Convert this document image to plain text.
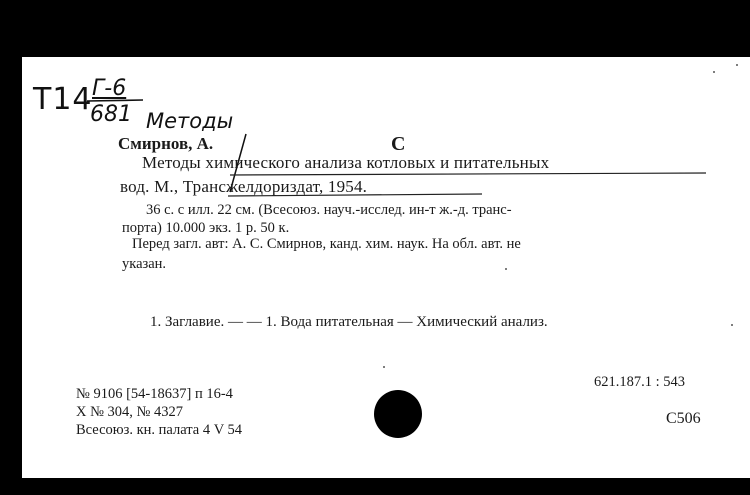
T14 Г-6
681 Методы
Смирнов, А.	С
Методы химического анализа котловых и питательных
вод. М., Трансжелдориздат, 1954.
36 с. с илл. 22 см. (Всесоюз. науч.-исслед. ин-т ж.-д. транс-
порта) 10.000 экз. 1 р. 50 к.
Перед загл. авт: А. С. Смирнов, канд. хим. наук. На обл. авт. не
указан.
1. Заглавие. — — 1. Вода питательная — Химический анализ.
№ 9106 [54-18637] п 16-4
Х № 304, № 4327
Всесоюз. кн. палата 4 V 54
621.187.1 : 543
С506
